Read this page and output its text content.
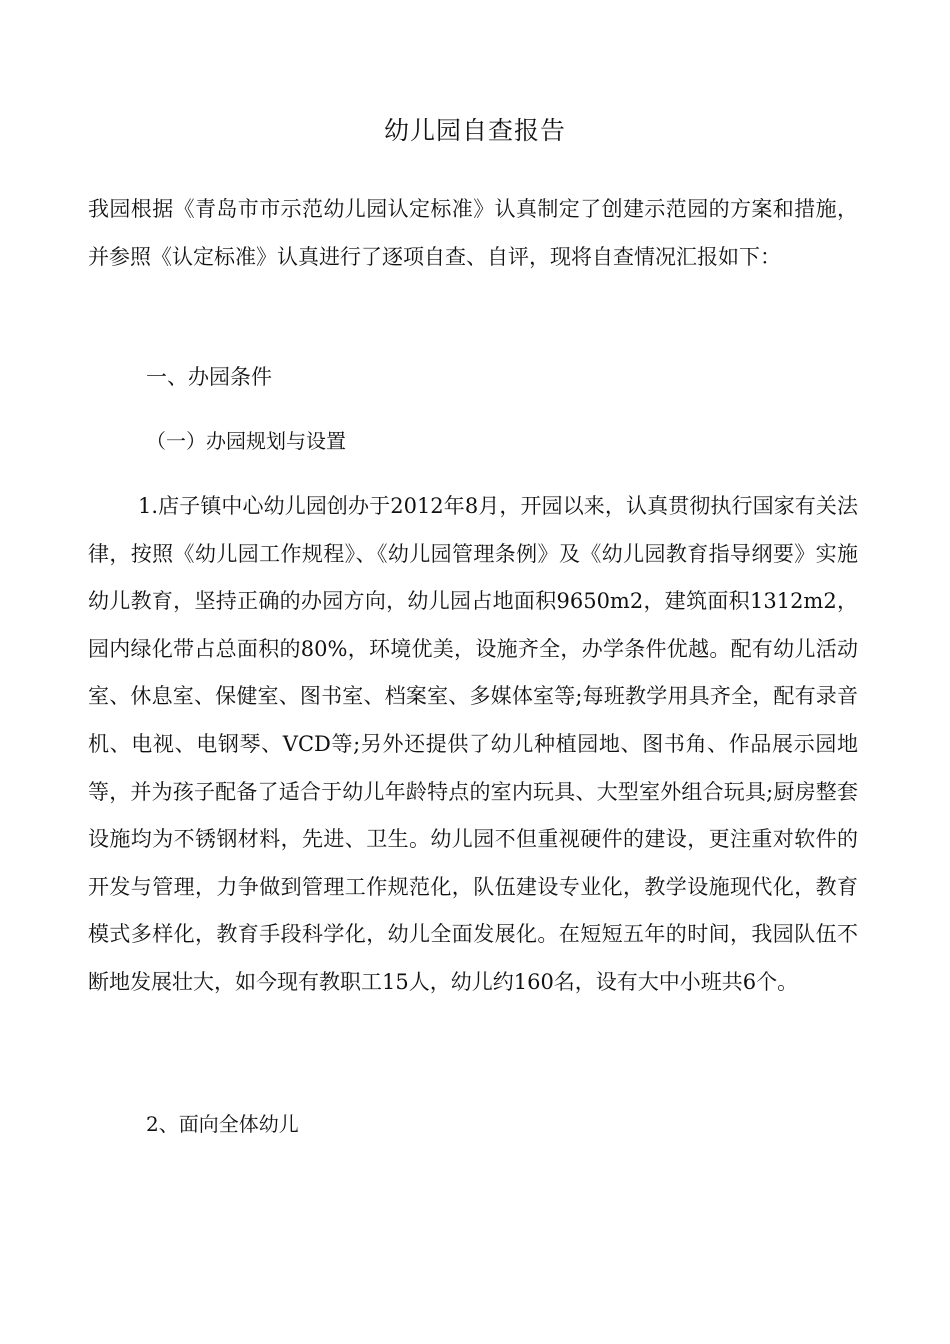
幼儿园自查报告
我园根据《青岛市市示范幼儿园认定标准》认真制定了创建示范园的方案和措施，并参照《认定标准》认真进行了逐项自查、自评，现将自查情况汇报如下：
一、办园条件
（一）办园规划与设置
1.店子镇中心幼儿园创办于2012年8月，开园以来，认真贯彻执行国家有关法律，按照《幼儿园工作规程》、《幼儿园管理条例》及《幼儿园教育指导纲要》实施幼儿教育，坚持正确的办园方向，幼儿园占地面积9650m2，建筑面积1312m2，园内绿化带占总面积的80%，环境优美，设施齐全，办学条件优越。配有幼儿活动室、休息室、保健室、图书室、档案室、多媒体室等;每班教学用具齐全，配有录音机、电视、电钢琴、VCD等;另外还提供了幼儿种植园地、图书角、作品展示园地等，并为孩子配备了适合于幼儿年龄特点的室内玩具、大型室外组合玩具;厨房整套设施均为不锈钢材料，先进、卫生。幼儿园不但重视硬件的建设，更注重对软件的开发与管理，力争做到管理工作规范化，队伍建设专业化，教学设施现代化，教育模式多样化，教育手段科学化，幼儿全面发展化。在短短五年的时间，我园队伍不断地发展壮大，如今现有教职工15人，幼儿约160名，设有大中小班共6个。
2、面向全体幼儿
